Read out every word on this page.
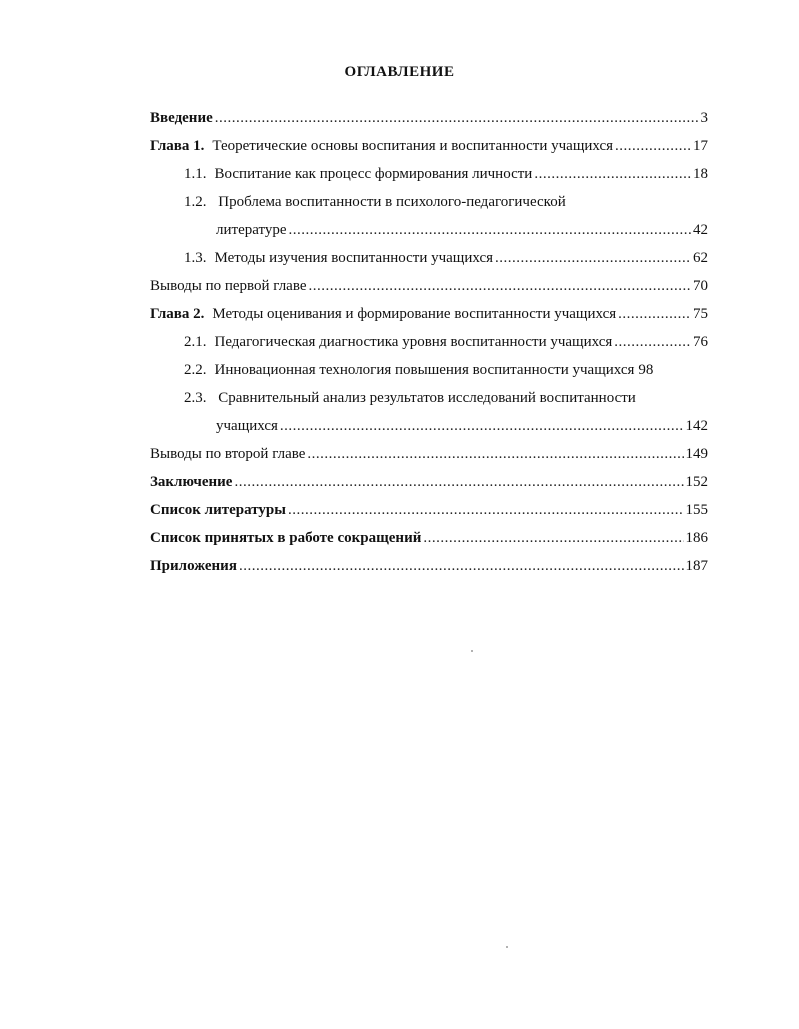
ОГЛАВЛЕНИЕ
Введение .....	3
Глава 1. Теоретические основы воспитания и воспитанности учащихся .....	17
1.1. Воспитание как процесс формирования личности .....	18
1.2. Проблема воспитанности в психолого-педагогической
литературе .....	42
1.3. Методы изучения воспитанности учащихся .....	62
Выводы по первой главе .....	70
Глава 2. Методы оценивания и формирование воспитанности учащихся .....	75
2.1. Педагогическая диагностика уровня воспитанности учащихся .....	76
2.2. Инновационная технология повышения воспитанности учащихся 98
2.3. Сравнительный анализ результатов исследований воспитанности
учащихся .....	142
Выводы по второй главе .....	149
Заключение .....	152
Список литературы .....	155
Список принятых в работе сокращений .....	186
Приложения .....	187
